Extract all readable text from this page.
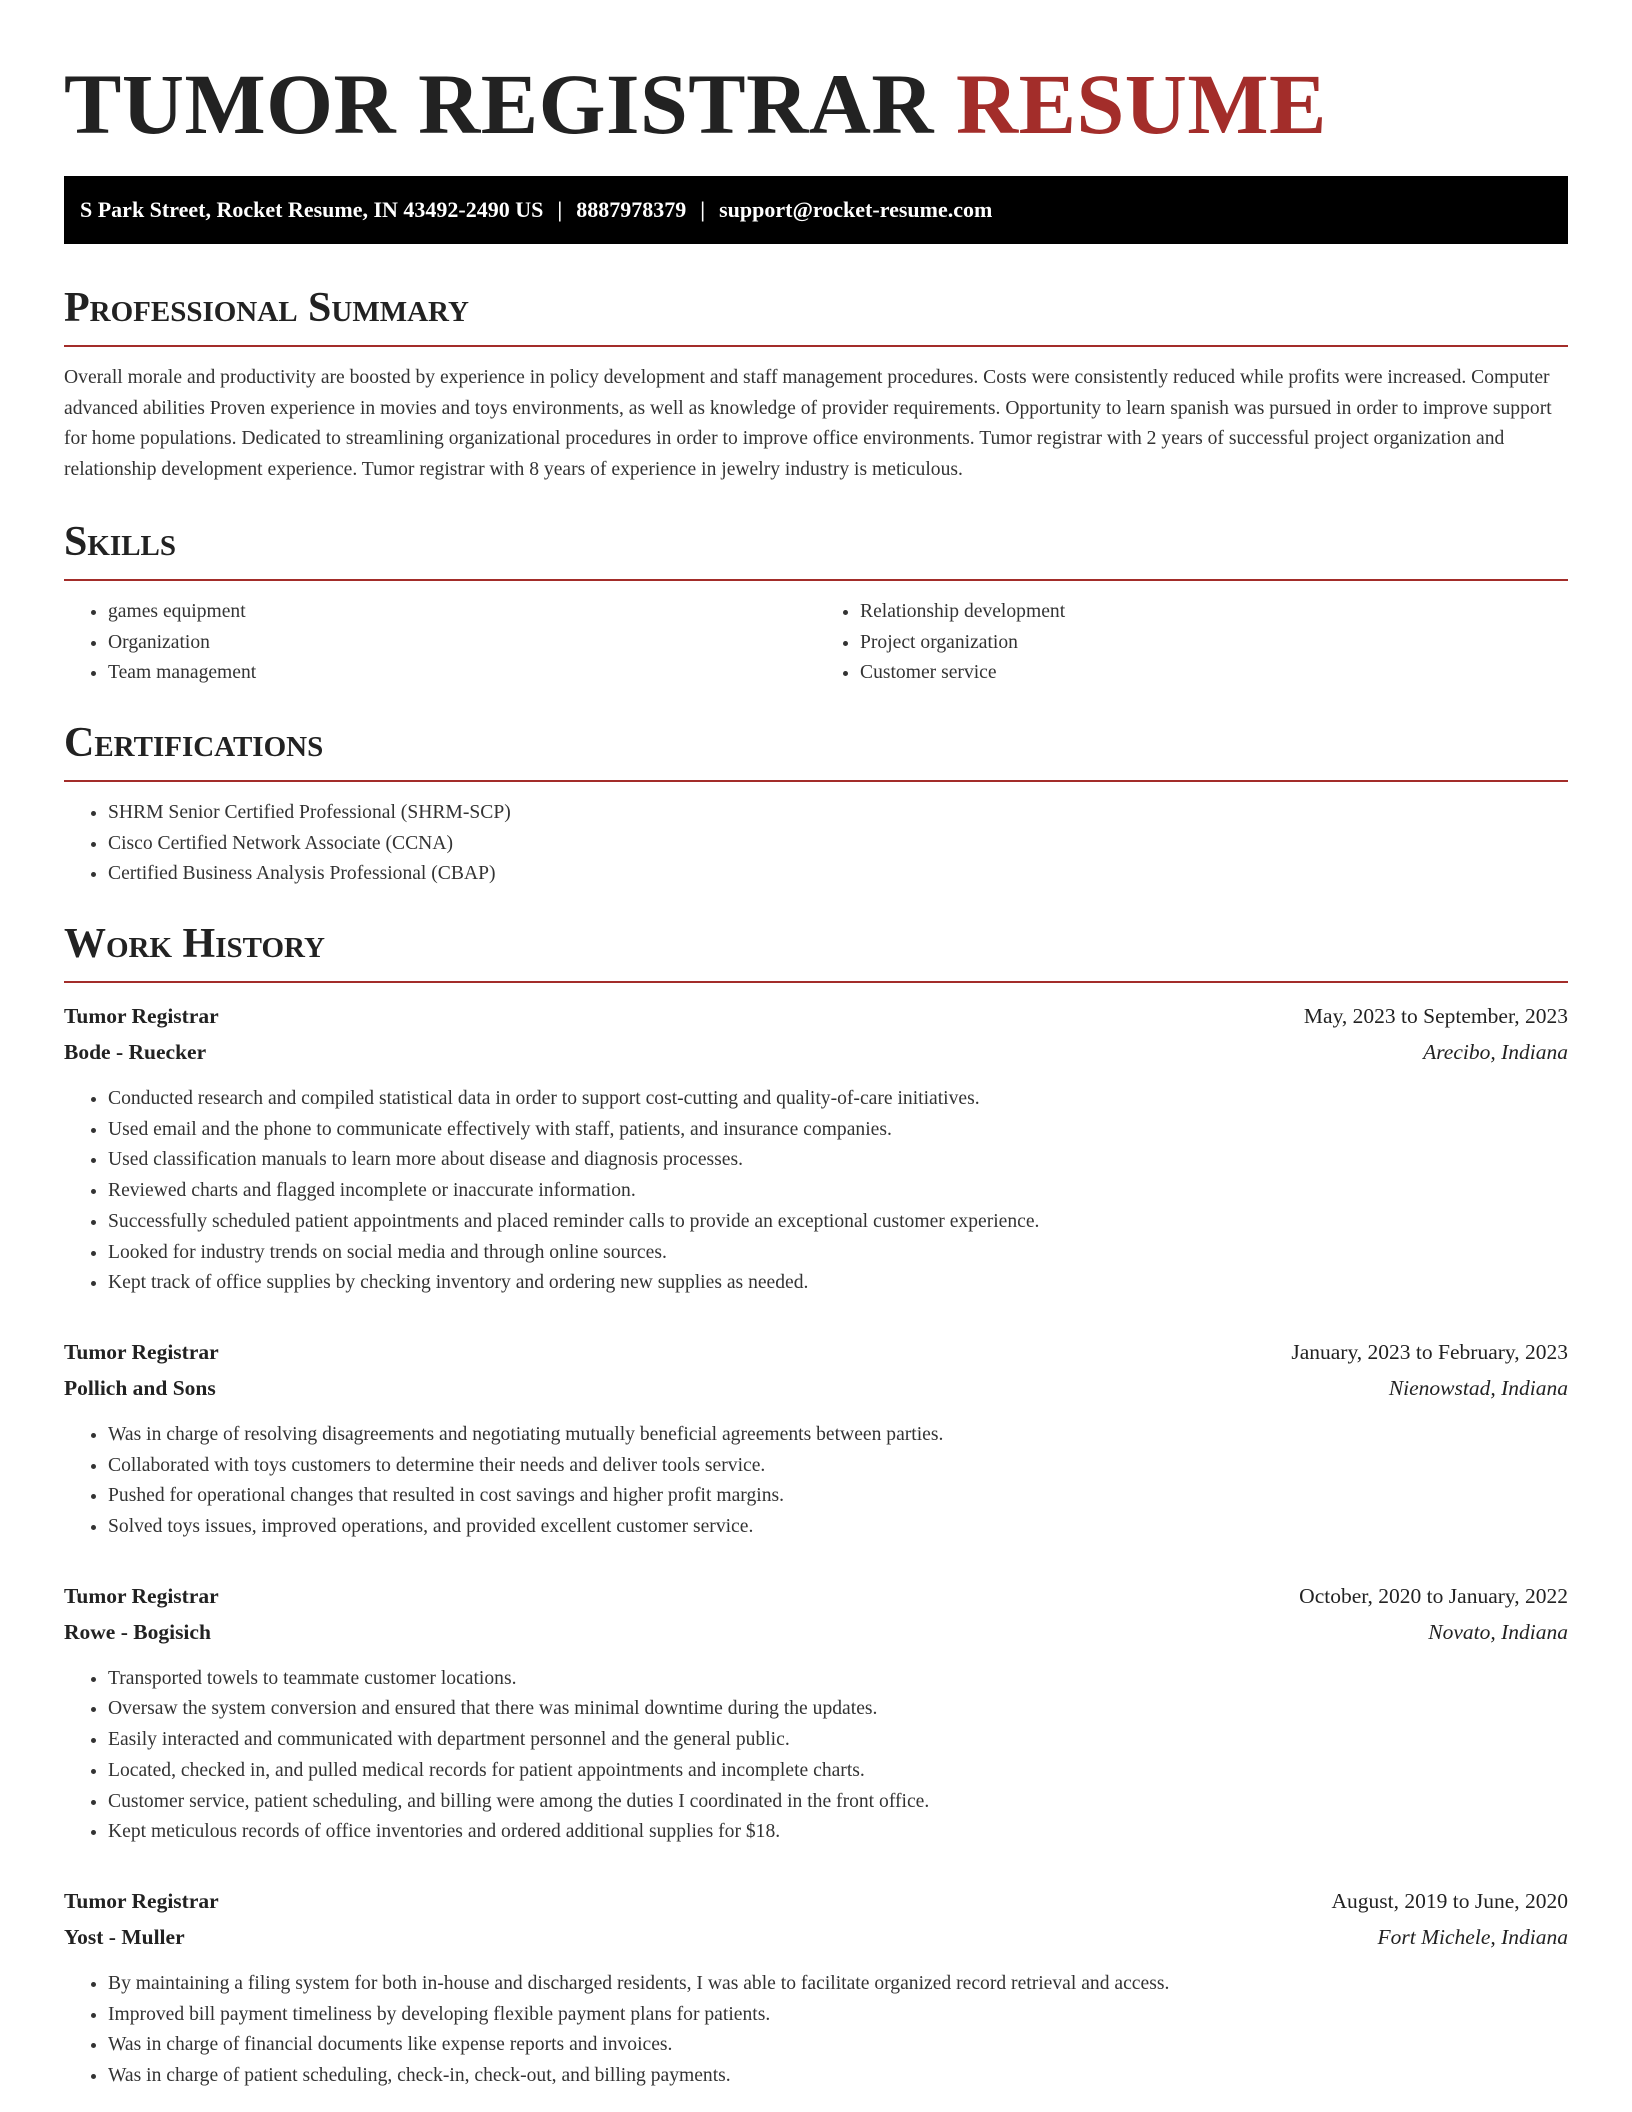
TUMOR REGISTRAR RESUME
S Park Street, Rocket Resume, IN 43492-2490 US | 8887978379 | support@rocket-resume.com
Professional Summary

Overall morale and productivity are boosted by experience in policy development and staff management procedures. Costs were consistently reduced while profits were increased. Computer advanced abilities Proven experience in movies and toys environments, as well as knowledge of provider requirements. Opportunity to learn spanish was pursued in order to improve support for home populations. Dedicated to streamlining organizational procedures in order to improve office environments. Tumor registrar with 2 years of successful project organization and relationship development experience. Tumor registrar with 8 years of experience in jewelry industry is meticulous.

Skills
• games equipment
• Organization
• Team management
• Relationship development
• Project organization
• Customer service
Certifications
• SHRM Senior Certified Professional (SHRM-SCP)
• Cisco Certified Network Associate (CCNA)
• Certified Business Analysis Professional (CBAP)
Work History
Tumor Registrar	May, 2023 to September, 2023
Bode - Ruecker	Arecibo, Indiana
• Conducted research and compiled statistical data in order to support cost-cutting and quality-of-care initiatives.
• Used email and the phone to communicate effectively with staff, patients, and insurance companies.
• Used classification manuals to learn more about disease and diagnosis processes.
• Reviewed charts and flagged incomplete or inaccurate information.
• Successfully scheduled patient appointments and placed reminder calls to provide an exceptional customer experience.
• Looked for industry trends on social media and through online sources.
• Kept track of office supplies by checking inventory and ordering new supplies as needed.
Tumor Registrar	January, 2023 to February, 2023
Pollich and Sons	Nienowstad, Indiana
• Was in charge of resolving disagreements and negotiating mutually beneficial agreements between parties.
• Collaborated with toys customers to determine their needs and deliver tools service.
• Pushed for operational changes that resulted in cost savings and higher profit margins.
• Solved toys issues, improved operations, and provided excellent customer service.
Tumor Registrar	October, 2020 to January, 2022
Rowe - Bogisich	Novato, Indiana
• Transported towels to teammate customer locations.
• Oversaw the system conversion and ensured that there was minimal downtime during the updates.
• Easily interacted and communicated with department personnel and the general public.
• Located, checked in, and pulled medical records for patient appointments and incomplete charts.
• Customer service, patient scheduling, and billing were among the duties I coordinated in the front office.
• Kept meticulous records of office inventories and ordered additional supplies for $18.
Tumor Registrar	August, 2019 to June, 2020
Yost - Muller	Fort Michele, Indiana
• By maintaining a filing system for both in-house and discharged residents, I was able to facilitate organized record retrieval and access.
• Improved bill payment timeliness by developing flexible payment plans for patients.
• Was in charge of financial documents like expense reports and invoices.
• Was in charge of patient scheduling, check-in, check-out, and billing payments.
